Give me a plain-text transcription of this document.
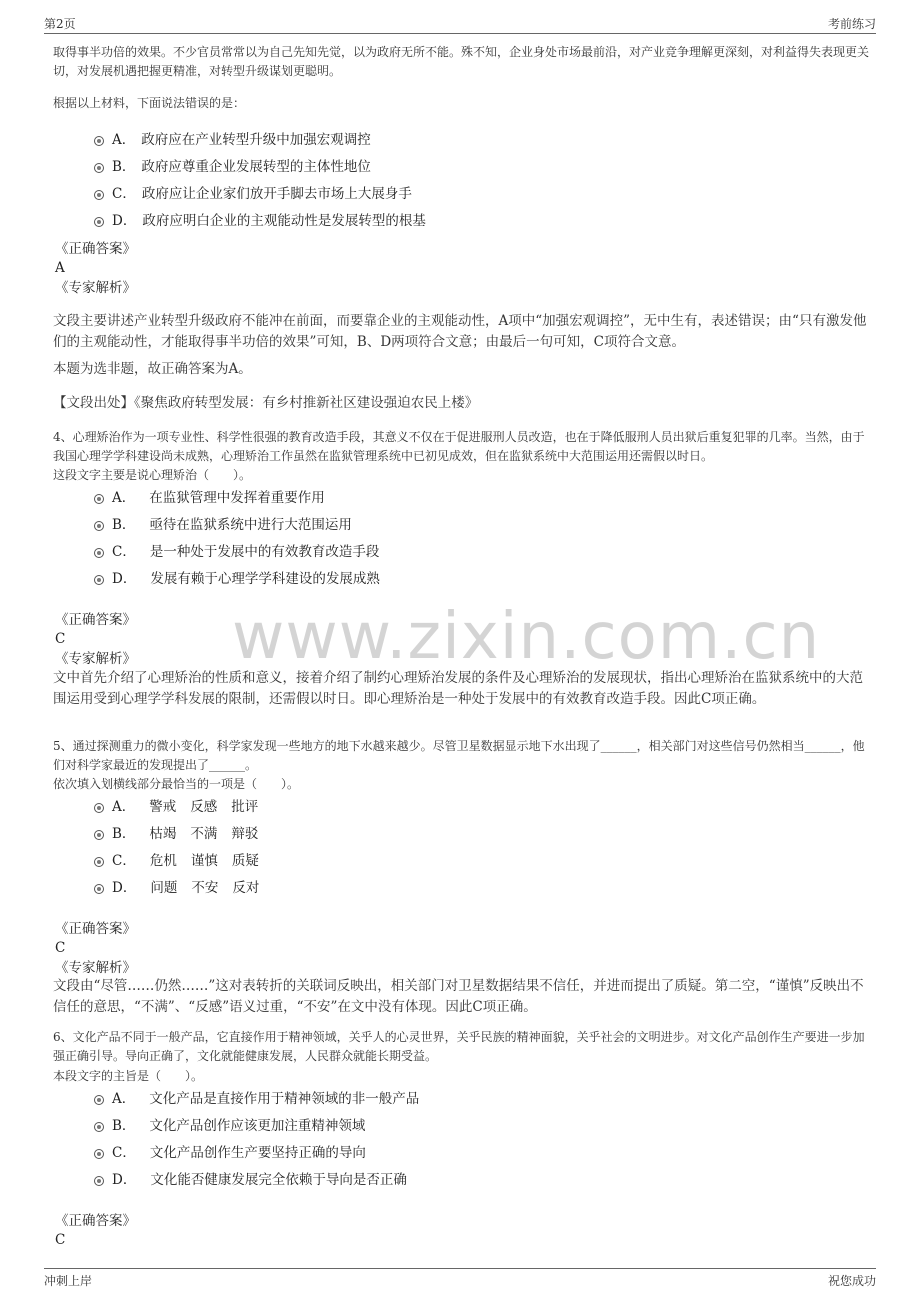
第2页	考前练习
www.zixin.com.cn

取得事半功倍的效果。不少官员常常以为自己先知先觉，以为政府无所不能。殊不知，企业身处市场最前沿，对产业竞争理解更深刻，对利益得失表现更关切，对发展机遇把握更精准，对转型升级谋划更聪明。

根据以上材料，下面说法错误的是：

A． 政府应在产业转型升级中加强宏观调控
B． 政府应尊重企业发展转型的主体性地位
C． 政府应让企业家们放开手脚去市场上大展身手
D． 政府应明白企业的主观能动性是发展转型的根基
《正确答案》
A
《专家解析》

文段主要讲述产业转型升级政府不能冲在前面，而要靠企业的主观能动性，A项中“加强宏观调控”，无中生有，表述错误；由“只有激发他们的主观能动性，才能取得事半功倍的效果”可知，B、D两项符合文意；由最后一句可知，C项符合文意。

本题为选非题，故正确答案为A。

【文段出处】《聚焦政府转型发展：有乡村推新社区建设强迫农民上楼》

4、心理矫治作为一项专业性、科学性很强的教育改造手段，其意义不仅在于促进服刑人员改造，也在于降低服刑人员出狱后重复犯罪的几率。当然，由于我国心理学学科建设尚未成熟，心理矫治工作虽然在监狱管理系统中已初见成效，但在监狱系统中大范围运用还需假以时日。

这段文字主要是说心理矫治（　　）。

A． 在监狱管理中发挥着重要作用
B． 亟待在监狱系统中进行大范围运用
C． 是一种处于发展中的有效教育改造手段
D． 发展有赖于心理学学科建设的发展成熟
《正确答案》
C
《专家解析》

文中首先介绍了心理矫治的性质和意义，接着介绍了制约心理矫治发展的条件及心理矫治的发展现状，指出心理矫治在监狱系统中的大范围运用受到心理学学科发展的限制，还需假以时日。即心理矫治是一种处于发展中的有效教育改造手段。因此C项正确。

5、通过探测重力的微小变化，科学家发现一些地方的地下水越来越少。尽管卫星数据显示地下水出现了______，相关部门对这些信号仍然相当______，他们对科学家最近的发现提出了______。

依次填入划横线部分最恰当的一项是（　　）。

A． 警戒 反感 批评
B． 枯竭 不满 辩驳
C． 危机 谨慎 质疑
D． 问题 不安 反对
《正确答案》
C
《专家解析》

文段由“尽管……仍然……”这对表转折的关联词反映出，相关部门对卫星数据结果不信任，并进而提出了质疑。第二空，“谨慎”反映出不信任的意思，“不满”、“反感”语义过重，“不安”在文中没有体现。因此C项正确。

6、文化产品不同于一般产品，它直接作用于精神领域，关乎人的心灵世界，关乎民族的精神面貌，关乎社会的文明进步。对文化产品创作生产要进一步加强正确引导。导向正确了，文化就能健康发展，人民群众就能长期受益。

本段文字的主旨是（　　）。

A． 文化产品是直接作用于精神领域的非一般产品
B． 文化产品创作应该更加注重精神领域
C． 文化产品创作生产要坚持正确的导向
D． 文化能否健康发展完全依赖于导向是否正确
《正确答案》
C
冲刺上岸	祝您成功
